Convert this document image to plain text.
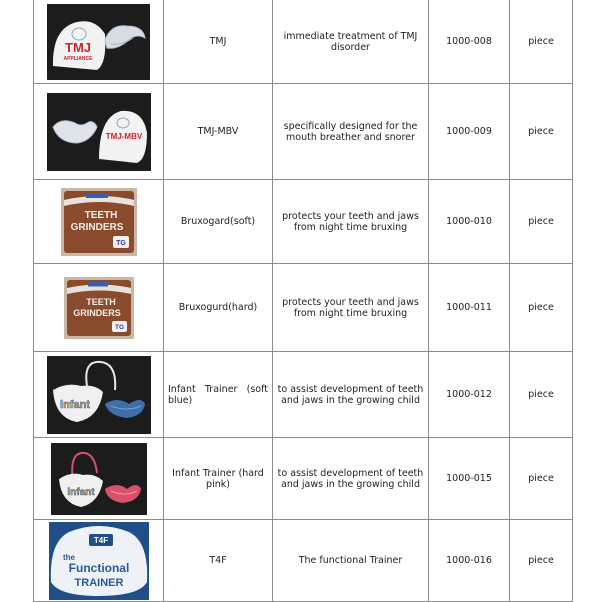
TMJ
APPLIANCE	TMJ	immediate treatment of TMJ disorder	1000-008	piece

TMJ-MBV	TMJ-MBV	specifically designed for the mouth breather and snorer	1000-009	piece

TEETH
GRINDERS
TG	Bruxogard(soft)	protects your teeth and jaws from night time bruxing	1000-010	piece

TEETH
GRINDERS
TG	Bruxogurd(hard)	protects your teeth and jaws from night time bruxing	1000-011	piece

infant	Infant Trainer (soft blue)	to assist development of teeth and jaws in the growing child	1000-012	piece

infant	Infant Trainer (hard pink)	to assist development of teeth and jaws in the growing child	1000-015	piece

T4F
the
Functional
TRAINER	T4F	The functional Trainer	1000-016	piece
